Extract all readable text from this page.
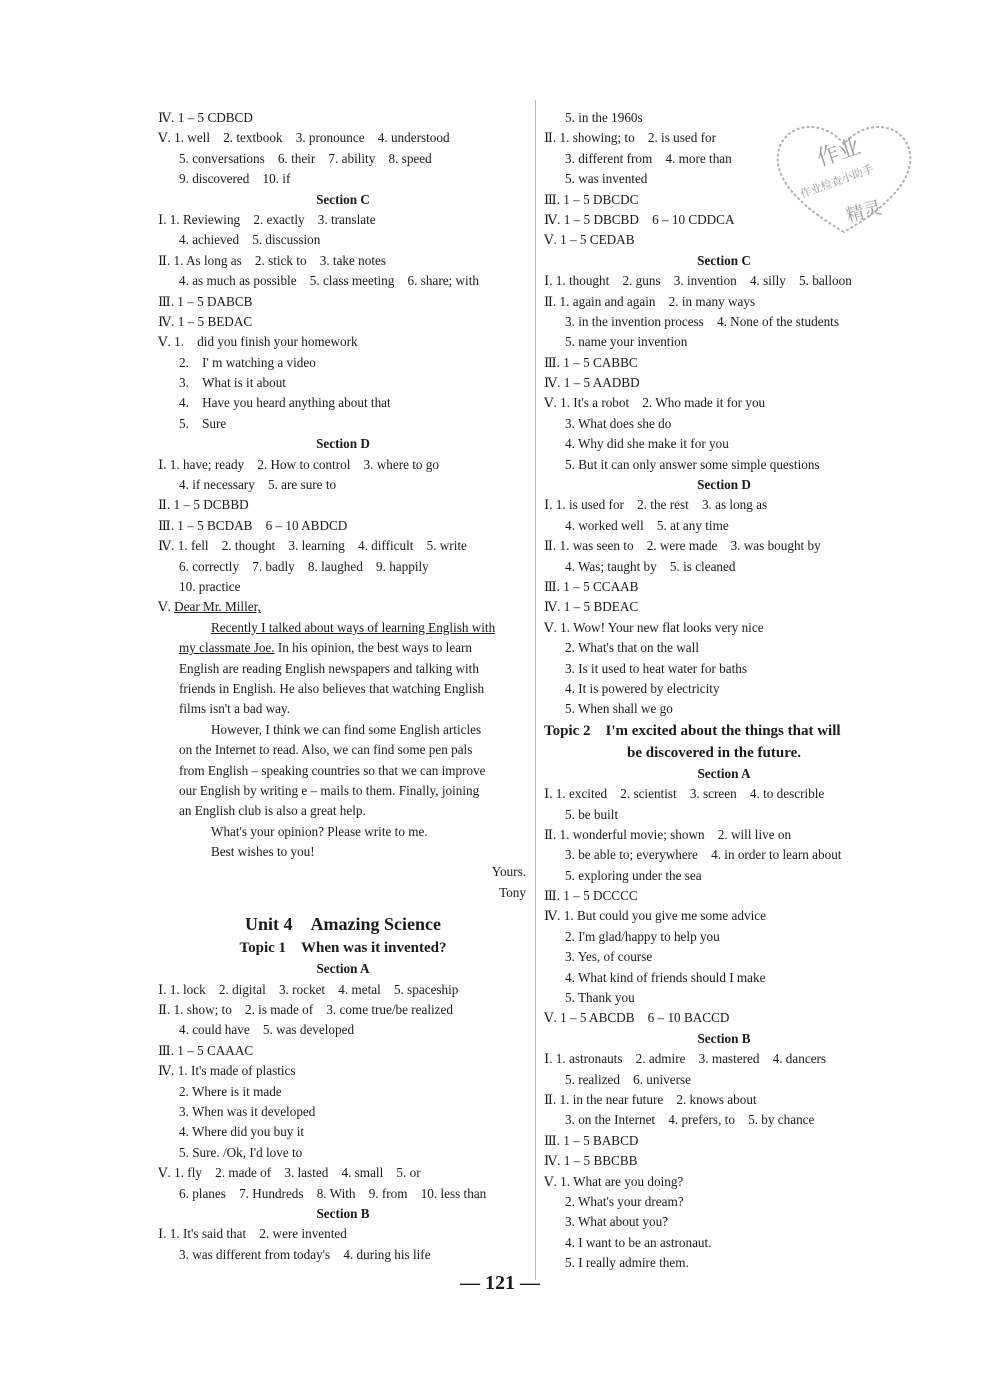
Ⅳ. 1 – 5 CDBCD
Ⅴ. 1. well　2. textbook　3. pronounce　4. understood
5. conversations　6. their　7. ability　8. speed
9. discovered　10. if
Section C
Ⅰ. 1. Reviewing　2. exactly　3. translate
4. achieved　5. discussion
Ⅱ. 1. As long as　2. stick to　3. take notes
4. as much as possible　5. class meeting　6. share; with
Ⅲ. 1 – 5 DABCB
Ⅳ. 1 – 5 BEDAC
Ⅴ. 1.　did you finish your homework
2.　I' m watching a video
3.　What is it about
4.　Have you heard anything about that
5.　Sure
Section D
Ⅰ. 1. have; ready　2. How to control　3. where to go
4. if necessary　5. are sure to
Ⅱ. 1 – 5 DCBBD
Ⅲ. 1 – 5 BCDAB　6 – 10 ABDCD
Ⅳ. 1. fell　2. thought　3. learning　4. difficult　5. write
6. correctly　7. badly　8. laughed　9. happily
10. practice
Ⅴ. Dear Mr. Miller,
Recently I talked about ways of learning English with
my classmate Joe. In his opinion, the best ways to learn
English are reading English newspapers and talking with
friends in English. He also believes that watching English
films isn't a bad way.
However, I think we can find some English articles
on the Internet to read. Also, we can find some pen pals
from English – speaking countries so that we can improve
our English by writing e – mails to them. Finally, joining
an English club is also a great help.
What's your opinion? Please write to me.
Best wishes to you!
Yours.
Tony
Unit 4　Amazing Science
Topic 1　When was it invented?
Section A
Ⅰ. 1. lock　2. digital　3. rocket　4. metal　5. spaceship
Ⅱ. 1. show; to　2. is made of　3. come true/be realized
4. could have　5. was developed
Ⅲ. 1 – 5 CAAAC
Ⅳ. 1. It's made of plastics
2. Where is it made
3. When was it developed
4. Where did you buy it
5. Sure. /Ok, I'd love to
Ⅴ. 1. fly　2. made of　3. lasted　4. small　5. or
6. planes　7. Hundreds　8. With　9. from　10. less than
Section B
Ⅰ. 1. It's said that　2. were invented
3. was different from today's　4. during his life
5. in the 1960s
Ⅱ. 1. showing; to　2. is used for
3. different from　4. more than
5. was invented
Ⅲ. 1 – 5 DBCDC
Ⅳ. 1 – 5 DBCBD　6 – 10 CDDCA
Ⅴ. 1 – 5 CEDAB
Section C
Ⅰ. 1. thought　2. guns　3. invention　4. silly　5. balloon
Ⅱ. 1. again and again　2. in many ways
3. in the invention process　4. None of the students
5. name your invention
Ⅲ. 1 – 5 CABBC
Ⅳ. 1 – 5 AADBD
Ⅴ. 1. It's a robot　2. Who made it for you
3. What does she do
4. Why did she make it for you
5. But it can only answer some simple questions
Section D
Ⅰ. 1. is used for　2. the rest　3. as long as
4. worked well　5. at any time
Ⅱ. 1. was seen to　2. were made　3. was bought by
4. Was; taught by　5. is cleaned
Ⅲ. 1 – 5 CCAAB
Ⅳ. 1 – 5 BDEAC
Ⅴ. 1. Wow! Your new flat looks very nice
2. What's that on the wall
3. Is it used to heat water for baths
4. It is powered by electricity
5. When shall we go
Topic 2　I'm excited about the things that will
be discovered in the future.
Section A
Ⅰ. 1. excited　2. scientist　3. screen　4. to describle
5. be built
Ⅱ. 1. wonderful movie; shown　2. will live on
3. be able to; everywhere　4. in order to learn about
5. exploring under the sea
Ⅲ. 1 – 5 DCCCC
Ⅳ. 1. But could you give me some advice
2. I'm glad/happy to help you
3. Yes, of course
4. What kind of friends should I make
5. Thank you
Ⅴ. 1 – 5 ABCDB　6 – 10 BACCD
Section B
Ⅰ. 1. astronauts　2. admire　3. mastered　4. dancers
5. realized　6. universe
Ⅱ. 1. in the near future　2. knows about
3. on the Internet　4. prefers, to　5. by chance
Ⅲ. 1 – 5 BABCD
Ⅳ. 1 – 5 BBCBB
Ⅴ. 1. What are you doing?
2. What's your dream?
3. What about you?
4. I want to be an astronaut.
5. I really admire them.
作业
作业检查小助手
精灵
— 121 —
